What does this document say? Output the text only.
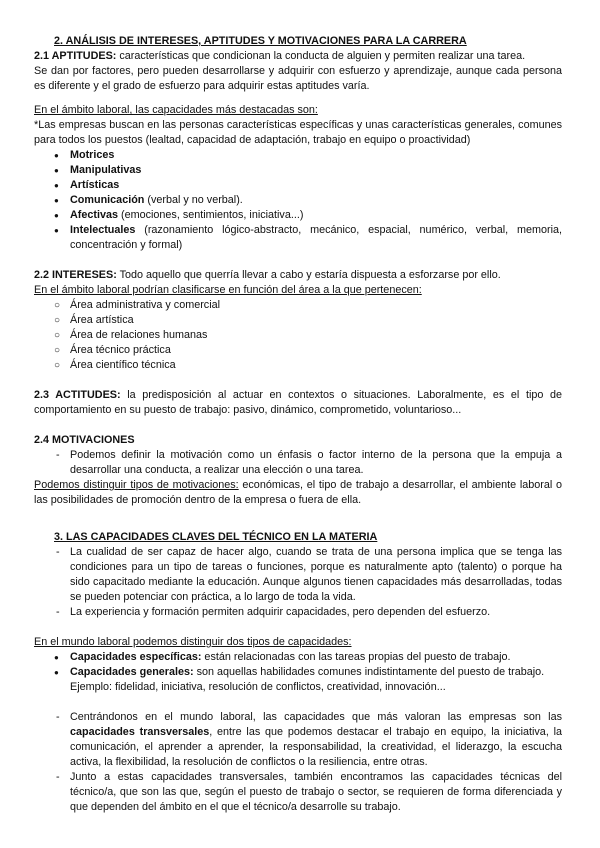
2. ANÁLISIS DE INTERESES, APTITUDES Y MOTIVACIONES PARA LA CARRERA

2.1 APTITUDES: características que condicionan la conducta de alguien y permiten realizar una tarea.

Se dan por factores, pero pueden desarrollarse y adquirir con esfuerzo y aprendizaje, aunque cada persona es diferente y el grado de esfuerzo para adquirir estas aptitudes varía.

En el ámbito laboral, las capacidades más destacadas son:

*Las empresas buscan en las personas características específicas y unas características generales, comunes para todos los puestos (lealtad, capacidad de adaptación, trabajo en equipo o proactividad)

● Motrices
● Manipulativas
● Artísticas
● Comunicación (verbal y no verbal).
● Afectivas (emociones, sentimientos, iniciativa...)
● Intelectuales (razonamiento lógico-abstracto, mecánico, espacial, numérico, verbal, memoria, concentración y formal)

2.2 INTERESES: Todo aquello que querría llevar a cabo y estaría dispuesta a esforzarse por ello.

En el ámbito laboral podrían clasificarse en función del área a la que pertenecen:

○ Área administrativa y comercial
○ Área artística
○ Área de relaciones humanas
○ Área técnico práctica
○ Área científico técnica

2.3 ACTITUDES: la predisposición al actuar en contextos o situaciones. Laboralmente, es el tipo de comportamiento en su puesto de trabajo: pasivo, dinámico, comprometido, voluntarioso...

2.4 MOTIVACIONES

- Podemos definir la motivación como un énfasis o factor interno de la persona que la empuja a desarrollar una conducta, a realizar una elección o una tarea.

Podemos distinguir tipos de motivaciones: económicas, el tipo de trabajo a desarrollar, el ambiente laboral o las posibilidades de promoción dentro de la empresa o fuera de ella.

3. LAS CAPACIDADES CLAVES DEL TÉCNICO EN LA MATERIA

- La cualidad de ser capaz de hacer algo, cuando se trata de una persona implica que se tenga las condiciones para un tipo de tareas o funciones, porque es naturalmente apto (talento) o porque ha sido capacitado mediante la educación. Aunque algunos tienen capacidades más desarrolladas, todas se pueden potenciar con práctica, a lo largo de toda la vida.
- La experiencia y formación permiten adquirir capacidades, pero dependen del esfuerzo.

En el mundo laboral podemos distinguir dos tipos de capacidades:

● Capacidades específicas: están relacionadas con las tareas propias del puesto de trabajo.
● Capacidades generales: son aquellas habilidades comunes indistintamente del puesto de trabajo. Ejemplo: fidelidad, iniciativa, resolución de conflictos, creatividad, innovación...
- Centrándonos en el mundo laboral, las capacidades que más valoran las empresas son las capacidades transversales, entre las que podemos destacar el trabajo en equipo, la iniciativa, la comunicación, el aprender a aprender, la responsabilidad, la creatividad, el liderazgo, la escucha activa, la flexibilidad, la resolución de conflictos o la resiliencia, entre otras.
- Junto a estas capacidades transversales, también encontramos las capacidades técnicas del técnico/a, que son las que, según el puesto de trabajo o sector, se requieren de forma diferenciada y que dependen del ámbito en el que el técnico/a desarrolle su trabajo.
